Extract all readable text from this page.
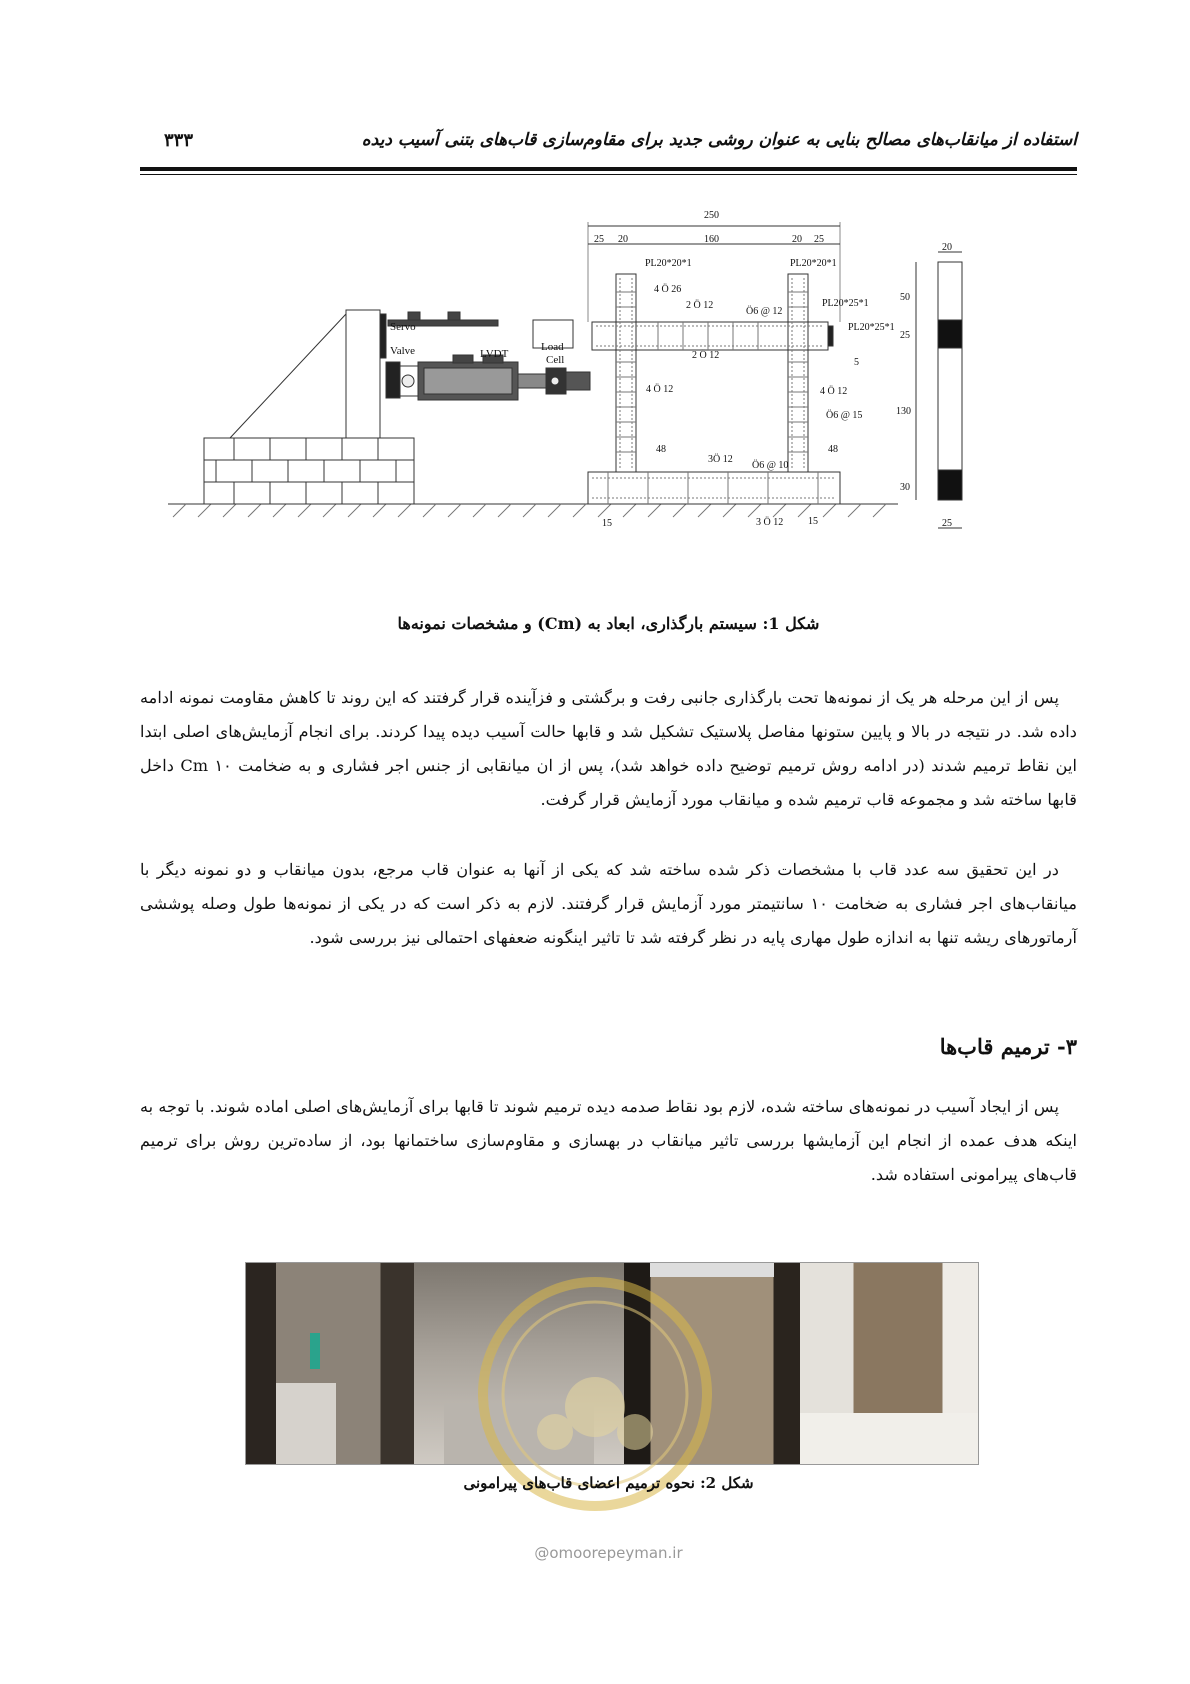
استفاده از میانقاب‌های مصالح بنایی به عنوان روشی جدید برای مقاوم‌سازی قاب‌های بتنی آسیب دیده
۳۳۳
Servo
Valve	LVDT
Load
Cell
PL20*20*1	PL20*20*1
PL20*25*1
PL20*25*1
4 Ö 26
2 Ö 12
Ö6 @ 12
2 Ö 12
4 Ö 12	4 Ö 12
Ö6 @ 15
3Ö 12
Ö6 @ 10
3 Ö 12
5
250
25 20	160	20 25
48	48
15	15
20
50
25
130
30
25
شکل 1: سیستم بارگذاری، ابعاد به (Cm) و مشخصات نمونه‌ها

پس از این مرحله هر یک از نمونه‌ها تحت بارگذاری جانبی رفت و برگشتی و فزآینده قرار گرفتند که این روند تا کاهش مقاومت نمونه ادامه داده شد. در نتیجه در بالا و پایین ستونها مفاصل پلاستیک تشکیل شد و قابها حالت آسیب دیده پیدا کردند. برای انجام آزمایش‌های اصلی ابتدا این نقاط ترمیم شدند (در ادامه روش ترمیم توضیح داده خواهد شد)، پس از ان میانقابی از جنس اجر فشاری و به ضخامت ۱۰ Cm داخل قابها ساخته شد و مجموعه قاب ترمیم شده و میانقاب مورد آزمایش قرار گرفت.

در این تحقیق سه عدد قاب با مشخصات ذکر شده ساخته شد که یکی از آنها به عنوان قاب مرجع، بدون میانقاب و دو نمونه دیگر با میانقاب‌های اجر فشاری به ضخامت ۱۰ سانتیمتر مورد آزمایش قرار گرفتند. لازم به ذکر است که در یکی از نمونه‌ها طول وصله پوششی آرماتورهای ریشه تنها به اندازه طول مهاری پایه در نظر گرفته شد تا تاثیر اینگونه ضعفهای احتمالی نیز بررسی شود.

۳- ترمیم قاب‌ها

پس از ایجاد آسیب در نمونه‌های ساخته شده، لازم بود نقاط صدمه دیده ترمیم شوند تا قابها برای آزمایش‌های اصلی اماده شوند. با توجه به اینکه هدف عمده از انجام این آزمایشها بررسی تاثیر میانقاب در بهسازی و مقاوم‌سازی ساختمانها بود، از ساده‌ترین روش برای ترمیم قاب‌های پیرامونی استفاده شد.

شکل 2: نحوه ترمیم اعضای قاب‌های پیرامونی
@omoorepeyman.ir
